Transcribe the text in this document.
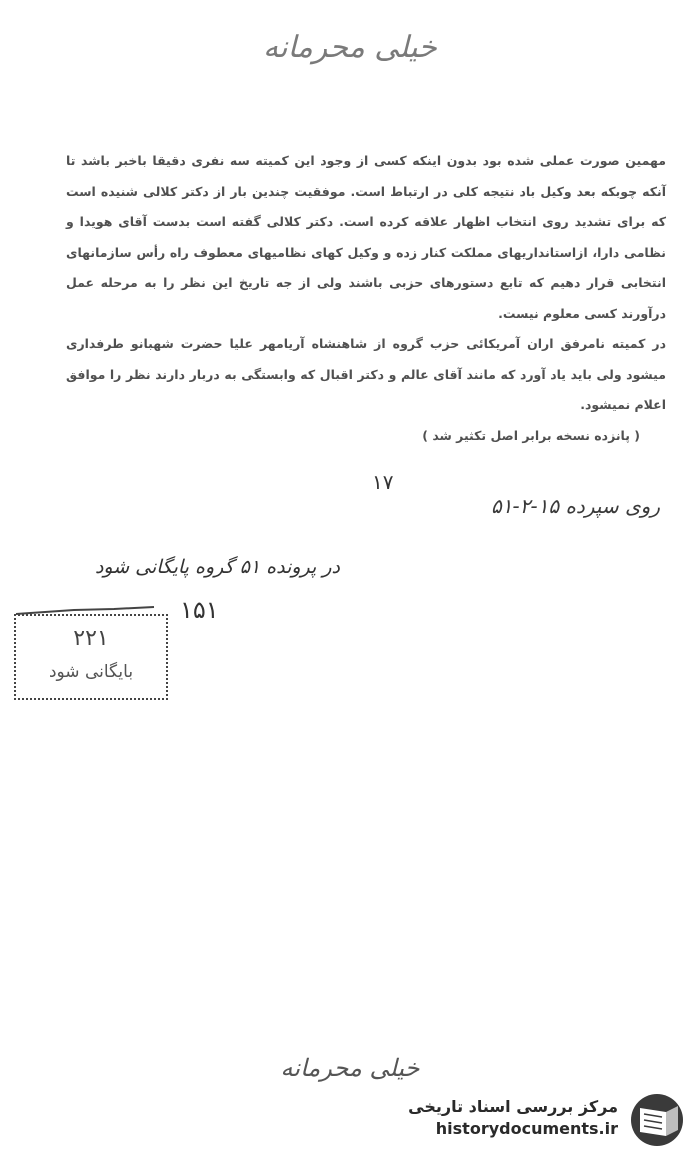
خیلی محرمانه

مهمین صورت عملی شده بود بدون اینکه کسی از وجود این کمیته سه نفری دقیقا باخبر باشد تا آنکه چوبکه بعد وکیل باد نتیجه کلی در ارتباط است. موفقیت چندین بار از دکتر کلالی شنیده است که برای تشدید روی انتخاب اظهار علاقه کرده است. دکتر کلالی گفته است بدست آقای هویدا و نظامی دارا، ازاستانداریهای مملکت کنار زده و وکیل کهای نظامیهای معطوف راه رأس سازمانهای انتخابی قرار دهیم که تابع دستورهای حزبی باشند ولی از جه تاریخ این نظر را به مرحله عمل درآورند کسی معلوم نیست.

در کمیته نامرفق اران آمریکائی حزب گروه از شاهنشاه آریامهر علیا حضرت شهبانو طرفداری میشود ولی باید یاد آورد که مانند آقای عالم و دکتر اقبال که وابستگی به دربار دارند نظر را موافق اعلام نمیشود.

( پانزده نسخه برابر اصل تکثیر شد )

۱۷
روی سپرده ۱۵-۲-۵۱
در پرونده ۵۱ گروه پایگانی شود
۱۵۱
۲۲۱
بایگانی شود
خیلی محرمانه
مرکز بررسی اسناد تاریخی
historydocuments.ir
